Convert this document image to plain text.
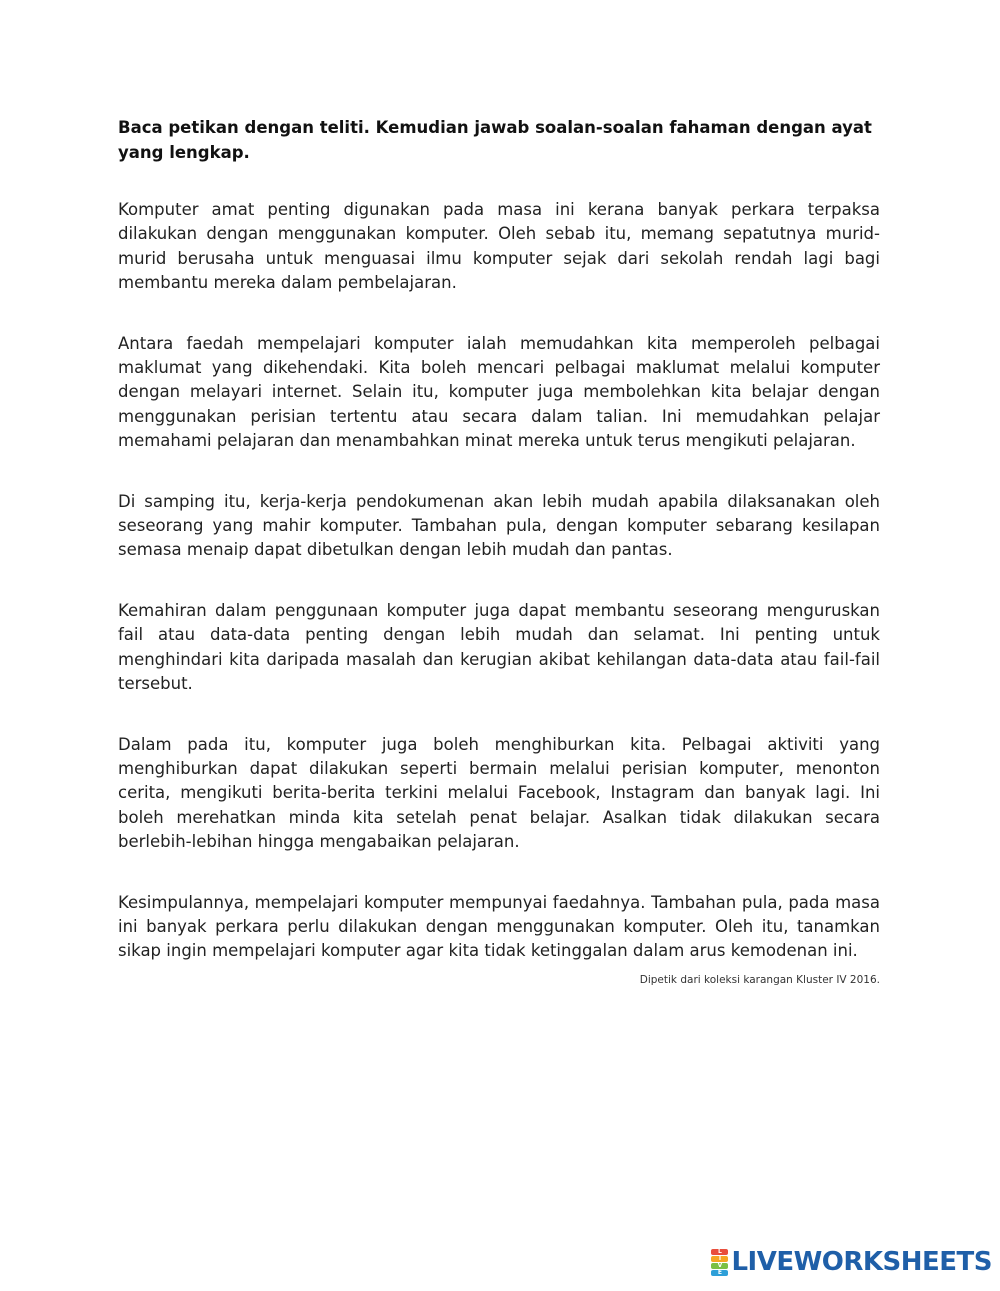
Baca petikan dengan teliti. Kemudian jawab soalan-soalan fahaman dengan ayat yang lengkap.

Komputer amat penting digunakan pada masa ini kerana banyak perkara terpaksa dilakukan dengan menggunakan komputer. Oleh sebab itu, memang sepatutnya murid-murid berusaha untuk menguasai ilmu komputer sejak dari sekolah rendah lagi bagi membantu mereka dalam pembelajaran.

Antara faedah mempelajari komputer ialah memudahkan kita memperoleh pelbagai maklumat yang dikehendaki. Kita boleh mencari pelbagai maklumat melalui komputer dengan melayari internet. Selain itu, komputer juga membolehkan kita belajar dengan menggunakan perisian tertentu atau secara dalam talian. Ini memudahkan pelajar memahami pelajaran dan menambahkan minat mereka untuk terus mengikuti pelajaran.

Di samping itu, kerja-kerja pendokumenan akan lebih mudah apabila dilaksanakan oleh seseorang yang mahir komputer. Tambahan pula, dengan komputer sebarang kesilapan semasa menaip dapat dibetulkan dengan lebih mudah dan pantas.

Kemahiran dalam penggunaan komputer juga dapat membantu seseorang menguruskan fail atau data-data penting dengan lebih mudah dan selamat. Ini penting untuk menghindari kita daripada masalah dan kerugian akibat kehilangan data-data atau fail-fail tersebut.

Dalam pada itu, komputer juga boleh menghiburkan kita. Pelbagai aktiviti yang menghiburkan dapat dilakukan seperti bermain melalui perisian komputer, menonton cerita, mengikuti berita-berita terkini melalui Facebook, Instagram dan banyak lagi. Ini boleh merehatkan minda kita setelah penat belajar. Asalkan tidak dilakukan secara berlebih-lebihan hingga mengabaikan pelajaran.

Kesimpulannya, mempelajari komputer mempunyai faedahnya. Tambahan pula, pada masa ini banyak perkara perlu dilakukan dengan menggunakan komputer. Oleh itu, tanamkan sikap ingin mempelajari komputer agar kita tidak ketinggalan dalam arus kemodenan ini.

Dipetik dari koleksi karangan Kluster IV 2016.

L
I
V
E LIVEWORKSHEETS
